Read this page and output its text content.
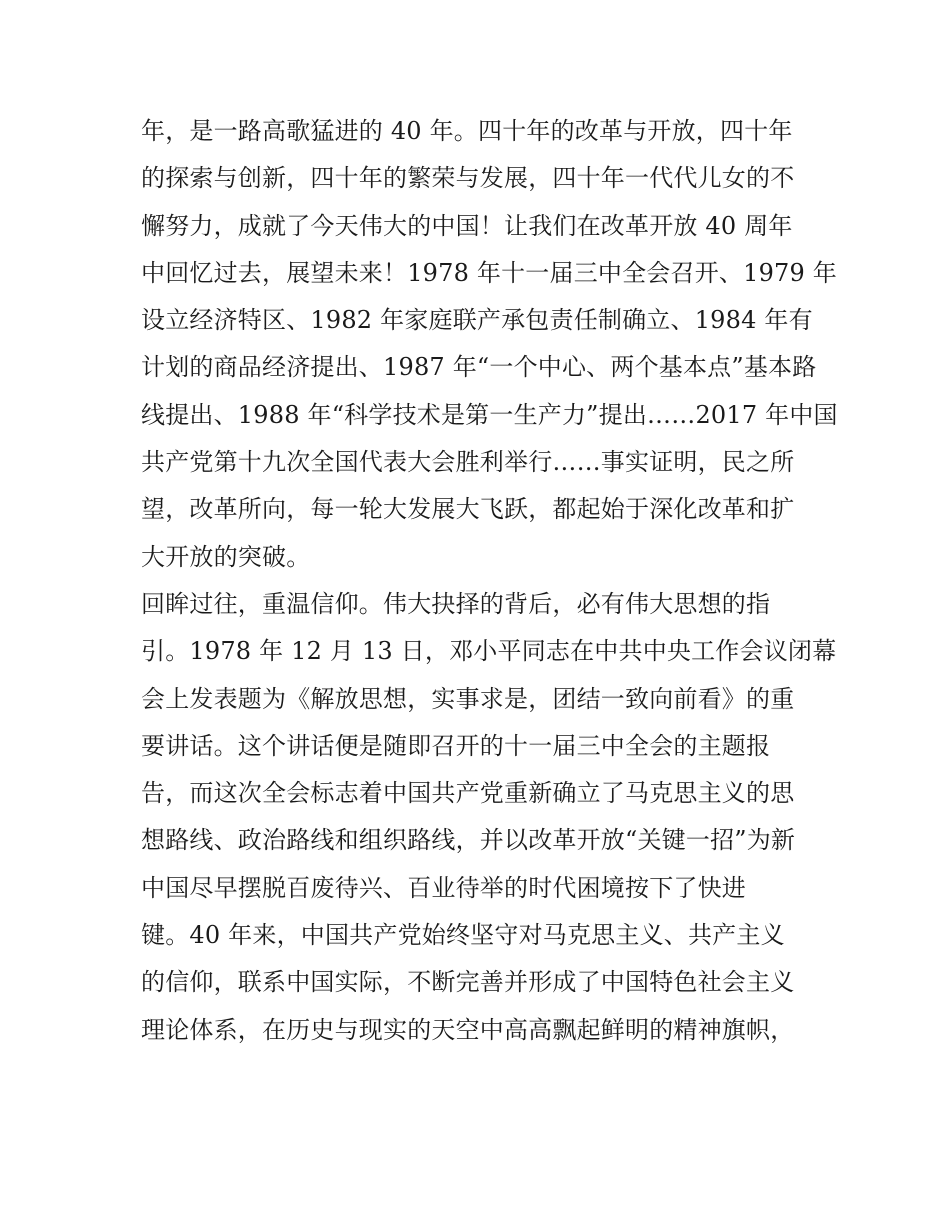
年，是一路高歌猛进的 40 年。四十年的改革与开放，四十年
的探索与创新，四十年的繁荣与发展，四十年一代代儿女的不
懈努力，成就了今天伟大的中国！让我们在改革开放 40 周年
中回忆过去，展望未来！1978 年十一届三中全会召开、1979 年
设立经济特区、1982 年家庭联产承包责任制确立、1984 年有
计划的商品经济提出、1987 年“一个中心、两个基本点”基本路
线提出、1988 年“科学技术是第一生产力”提出……2017 年中国
共产党第十九次全国代表大会胜利举行……事实证明，民之所
望，改革所向，每一轮大发展大飞跃，都起始于深化改革和扩
大开放的突破。
回眸过往，重温信仰。伟大抉择的背后，必有伟大思想的指
引。1978 年 12 月 13 日，邓小平同志在中共中央工作会议闭幕
会上发表题为《解放思想，实事求是，团结一致向前看》的重
要讲话。这个讲话便是随即召开的十一届三中全会的主题报
告，而这次全会标志着中国共产党重新确立了马克思主义的思
想路线、政治路线和组织路线，并以改革开放“关键一招”为新
中国尽早摆脱百废待兴、百业待举的时代困境按下了快进
键。40 年来，中国共产党始终坚守对马克思主义、共产主义
的信仰，联系中国实际，不断完善并形成了中国特色社会主义
理论体系，在历史与现实的天空中高高飘起鲜明的精神旗帜，
